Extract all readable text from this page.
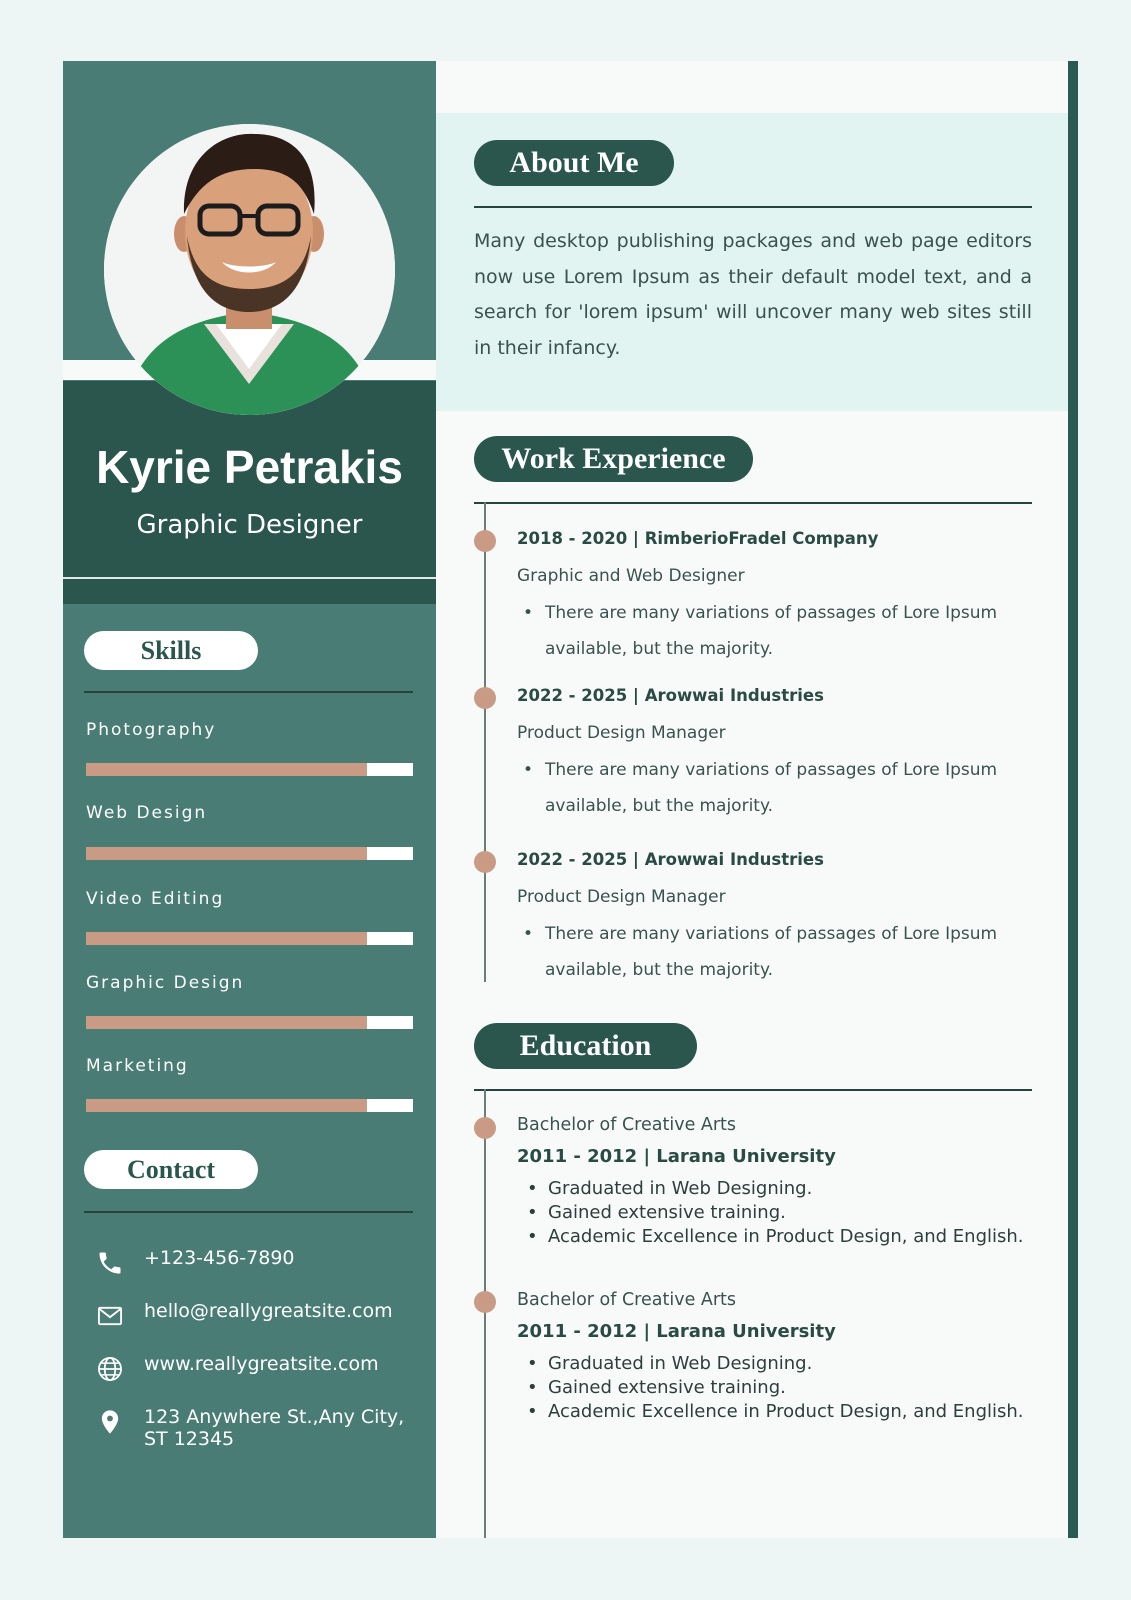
Kyrie Petrakis
Graphic Designer
Skills
Photography
Web Design
Video Editing
Graphic Design
Marketing
Contact
+123-456-7890
hello@reallygreatsite.com
www.reallygreatsite.com
123 Anywhere St.,Any City,
ST 12345
About Me
Many desktop publishing packages and web page editors now use Lorem Ipsum as their default model text, and a search for 'lorem ipsum' will uncover many web sites still in their infancy.
Work Experience
2018 - 2020 | RimberioFradel Company
Graphic and Web Designer
• There are many variations of passages of Lore Ipsum
available, but the majority.
2022 - 2025 | Arowwai Industries
Product Design Manager
• There are many variations of passages of Lore Ipsum
available, but the majority.
2022 - 2025 | Arowwai Industries
Product Design Manager
• There are many variations of passages of Lore Ipsum
available, but the majority.
Education
Bachelor of Creative Arts
2011 - 2012 | Larana University
• Graduated in Web Designing.
• Gained extensive training.
• Academic Excellence in Product Design, and English.
Bachelor of Creative Arts
2011 - 2012 | Larana University
• Graduated in Web Designing.
• Gained extensive training.
• Academic Excellence in Product Design, and English.
